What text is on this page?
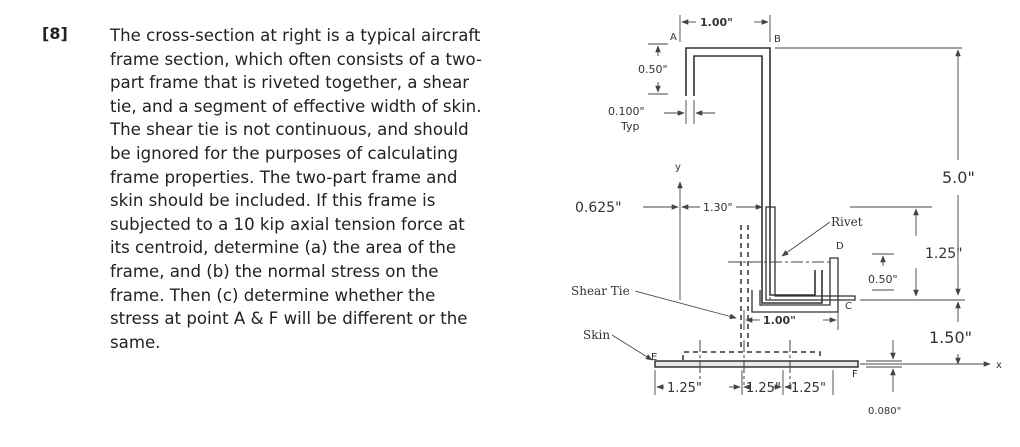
[8]	The cross-section at right is a typical aircraft
frame section, which often consists of a two-
part frame that is riveted together, a shear
tie, and a segment of effective width of skin.
The shear tie is not continuous, and should
be ignored for the purposes of calculating
frame properties. The two-part frame and
skin should be included. If this frame is
subjected to a 10 kip axial tension force at
its centroid, determine (a) the area of the
frame, and (b) the normal stress on the
frame. Then (c) determine whether the
stress at point A & F will be different or the
same.

A	B
C
D
E
F
y
x
1.00"
0.50"
0.100"
Typ
0.625"	1.30"
5.0"
1.25"
0.50"
1.00"
1.50"
1.25"	1.25" 1.25"
0.080"
Rivet
Shear Tie
Skin
